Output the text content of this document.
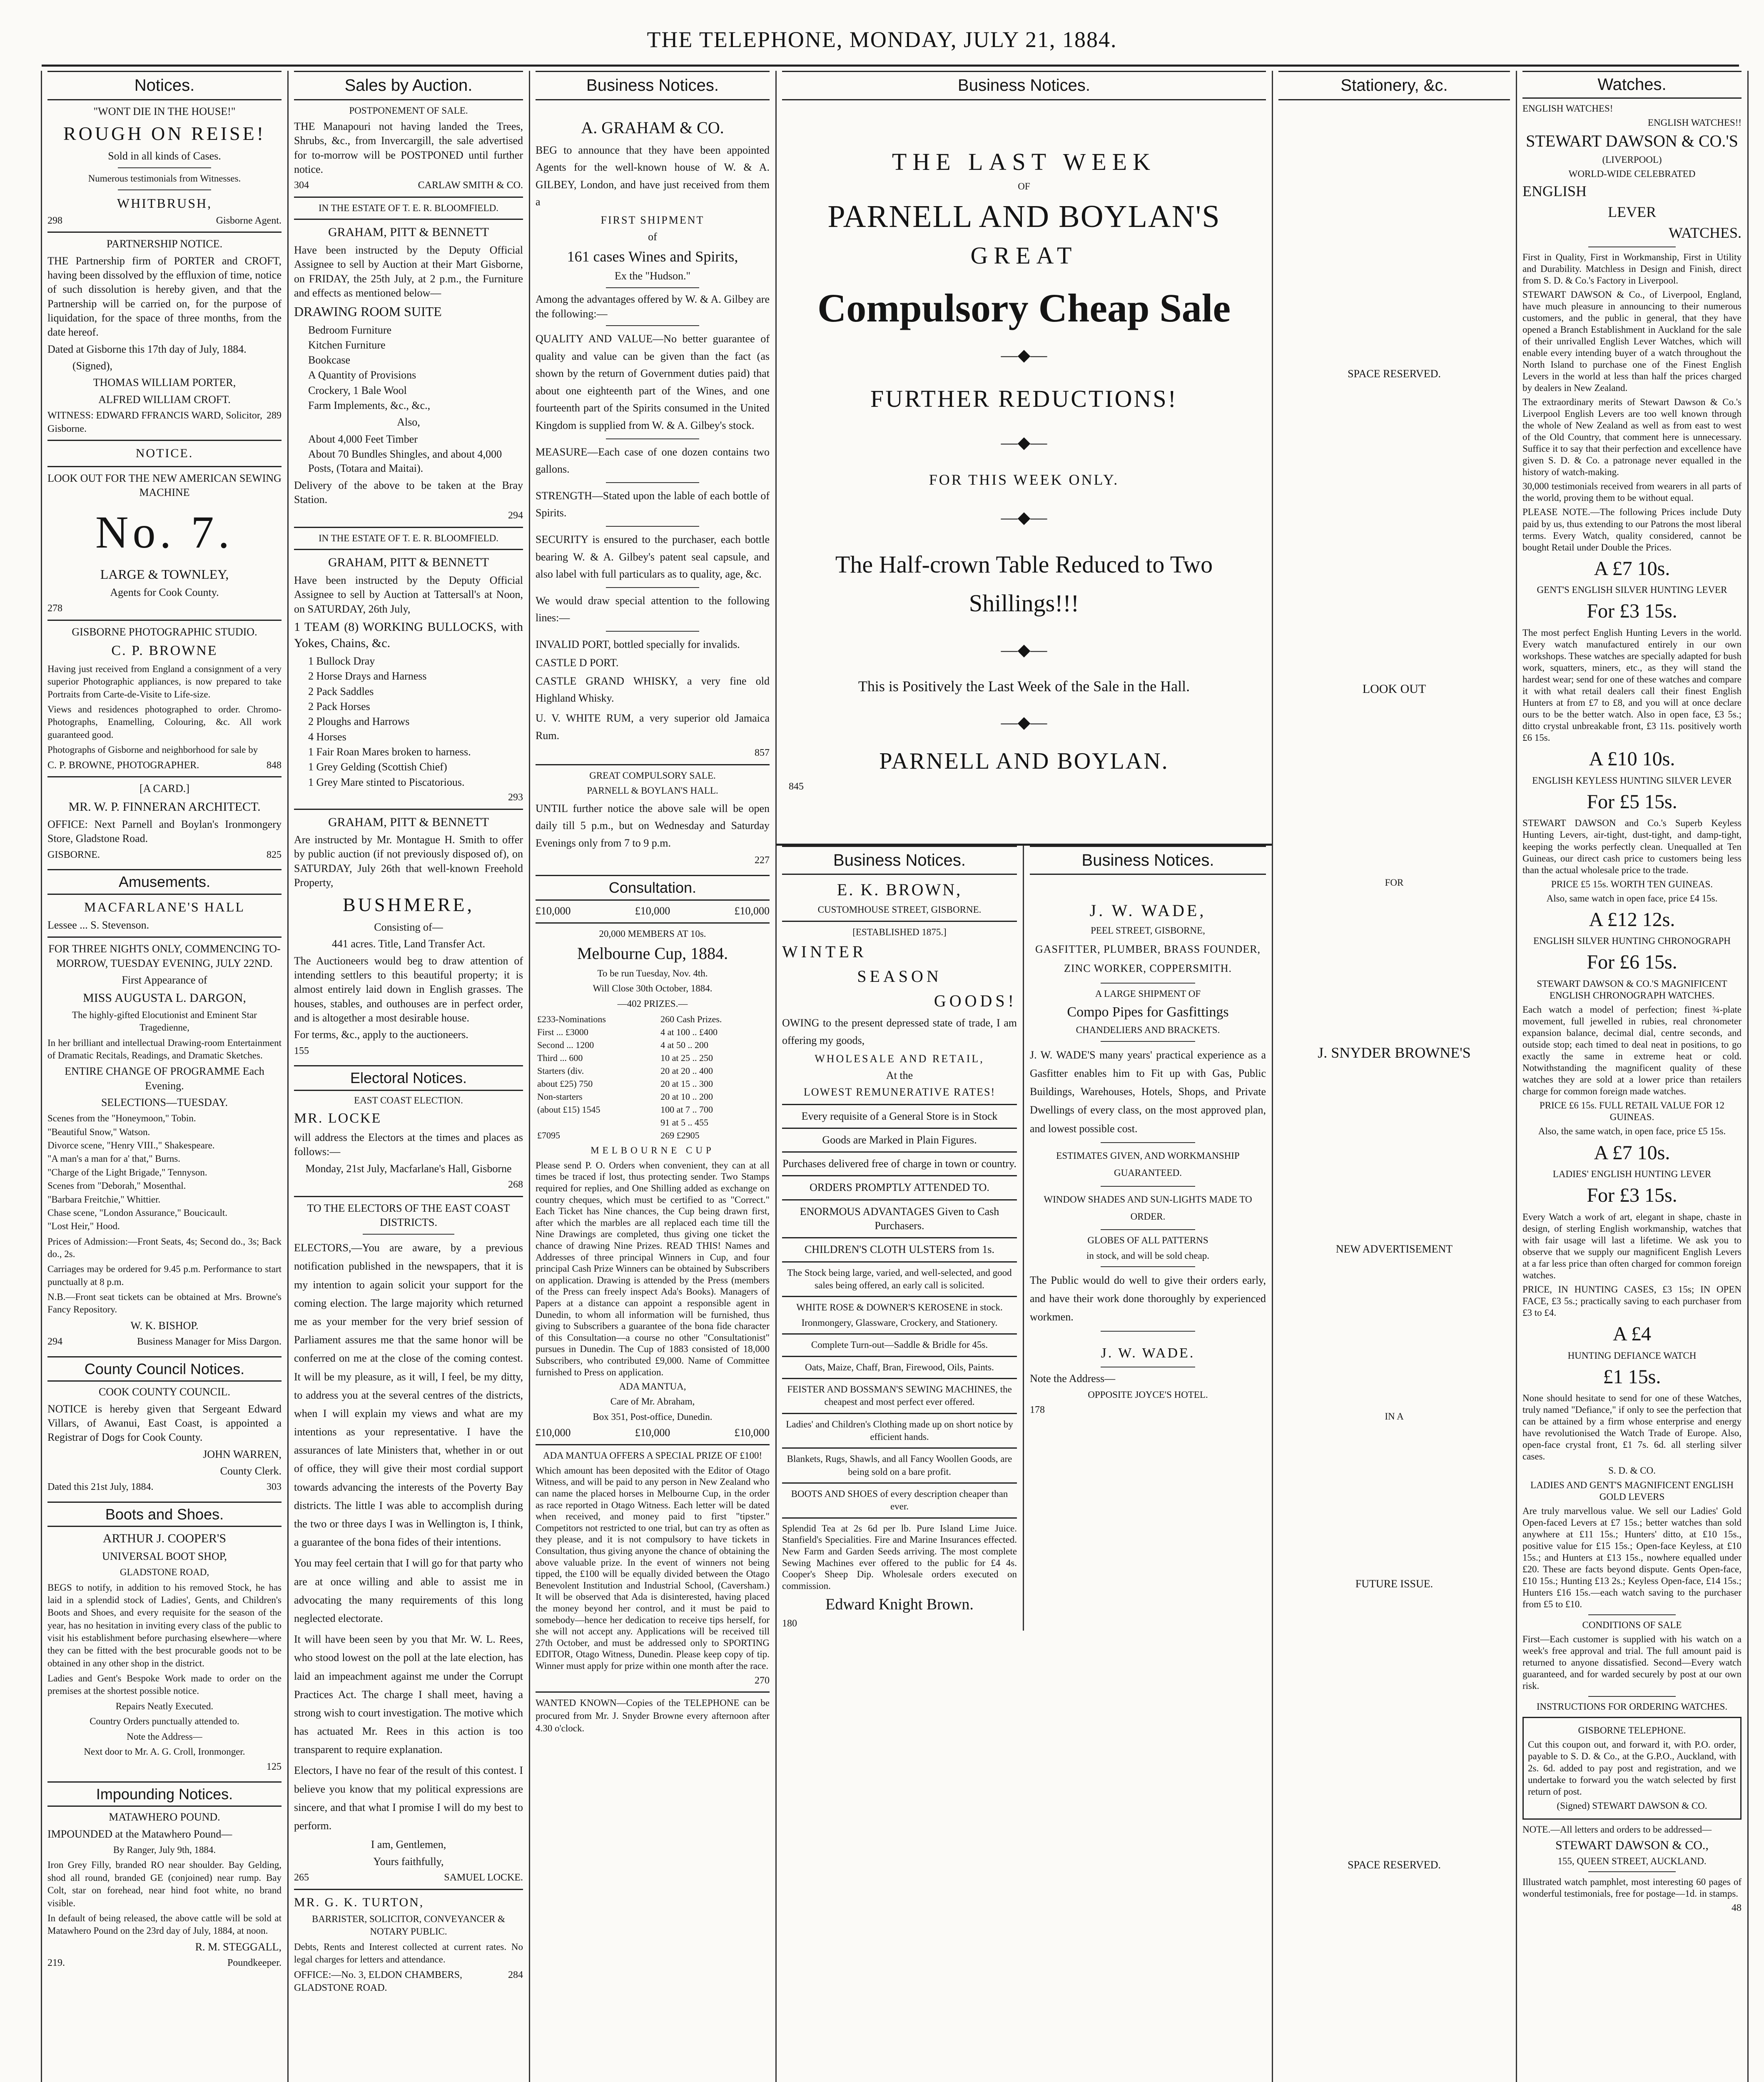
THE TELEPHONE, MONDAY, JULY 21, 1884.
Notices.

"WONT DIE IN THE HOUSE!"

ROUGH ON REISE!

Sold in all kinds of Cases.

Numerous testimonials from Witnesses.

WHITBRUSH,

298	Gisborne Agent.

PARTNERSHIP NOTICE.

THE Partnership firm of PORTER and CROFT, having been dissolved by the effluxion of time, notice of such dissolution is hereby given, and that the Partnership will be carried on, for the purpose of liquidation, for the space of three months, from the date hereof.

Dated at Gisborne this 17th day of July, 1884.

(Signed),

THOMAS WILLIAM PORTER,

ALFRED WILLIAM CROFT.

WITNESS: EDWARD FFRANCIS WARD, Solicitor, Gisborne.
289

NOTICE.

LOOK OUT FOR THE NEW AMERICAN SEWING MACHINE

No. 7.

LARGE & TOWNLEY,

Agents for Cook County.

278

GISBORNE PHOTOGRAPHIC STUDIO.

C. P. BROWNE

Having just received from England a consignment of a very superior Photographic appliances, is now prepared to take Portraits from Carte-de-Visite to Life-size.

Views and residences photographed to order. Chromo-Photographs, Enamelling, Colouring, &c. All work guaranteed good.

Photographs of Gisborne and neighborhood for sale by

C. P. BROWNE, PHOTOGRAPHER.	848

[A CARD.]

MR. W. P. FINNERAN ARCHITECT.

OFFICE: Next Parnell and Boylan's Ironmongery Store, Gladstone Road.

GISBORNE.	825
Amusements.

MACFARLANE'S HALL

Lessee ... S. Stevenson.

FOR THREE NIGHTS ONLY, COMMENCING TO-MORROW, TUESDAY EVENING, JULY 22ND.

First Appearance of

MISS AUGUSTA L. DARGON,

The highly-gifted Elocutionist and Eminent Star Tragedienne,

In her brilliant and intellectual Drawing-room Entertainment of Dramatic Recitals, Readings, and Dramatic Sketches.

ENTIRE CHANGE OF PROGRAMME Each Evening.

SELECTIONS—TUESDAY.

Scenes from the "Honeymoon," Tobin.
"Beautiful Snow," Watson.
Divorce scene, "Henry VIII.," Shakespeare.
"A man's a man for a' that," Burns.
"Charge of the Light Brigade," Tennyson.
Scenes from "Deborah," Mosenthal.
"Barbara Freitchie," Whittier.
Chase scene, "London Assurance," Boucicault.
"Lost Heir," Hood.

Prices of Admission:—Front Seats, 4s; Second do., 3s; Back do., 2s.

Carriages may be ordered for 9.45 p.m. Performance to start punctually at 8 p.m.

N.B.—Front seat tickets can be obtained at Mrs. Browne's Fancy Repository.

W. K. BISHOP.

294	Business Manager for Miss Dargon.
County Council Notices.

COOK COUNTY COUNCIL.

NOTICE is hereby given that Sergeant Edward Villars, of Awanui, East Coast, is appointed a Registrar of Dogs for Cook County.

JOHN WARREN,

County Clerk.

Dated this 21st July, 1884.	303
Boots and Shoes.

ARTHUR J. COOPER'S

UNIVERSAL BOOT SHOP,

GLADSTONE ROAD,

BEGS to notify, in addition to his removed Stock, he has laid in a splendid stock of Ladies', Gents, and Children's Boots and Shoes, and every requisite for the season of the year, has no hesitation in inviting every class of the public to visit his establishment before purchasing elsewhere—where they can be fitted with the best procurable goods not to be obtained in any other shop in the district.

Ladies and Gent's Bespoke Work made to order on the premises at the shortest possible notice.

Repairs Neatly Executed.

Country Orders punctually attended to.

Note the Address—

Next door to Mr. A. G. Croll, Ironmonger.

125
Impounding Notices.

MATAWHERO POUND.

IMPOUNDED at the Matawhero Pound—

By Ranger, July 9th, 1884.

Iron Grey Filly, branded RO near shoulder. Bay Gelding, shod all round, branded GE (conjoined) near rump. Bay Colt, star on forehead, near hind foot white, no brand visible.

In default of being released, the above cattle will be sold at Matawhero Pound on the 23rd day of July, 1884, at noon.

R. M. STEGGALL,

219.	Poundkeeper.
Sales by Auction.

POSTPONEMENT OF SALE.

THE Manapouri not having landed the Trees, Shrubs, &c., from Invercargill, the sale advertised for to-morrow will be POSTPONED until further notice.

304	CARLAW SMITH & CO.

IN THE ESTATE OF T. E. R. BLOOMFIELD.

GRAHAM, PITT & BENNETT

Have been instructed by the Deputy Official Assignee to sell by Auction at their Mart Gisborne, on FRIDAY, the 25th July, at 2 p.m., the Furniture and effects as mentioned below—

DRAWING ROOM SUITE

Bedroom Furniture
Kitchen Furniture
Bookcase
A Quantity of Provisions
Crockery, 1 Bale Wool
Farm Implements, &c., &c.,

Also,

About 4,000 Feet Timber
About 70 Bundles Shingles, and about 4,000 Posts, (Totara and Maitai).

Delivery of the above to be taken at the Bray Station.

294

IN THE ESTATE OF T. E. R. BLOOMFIELD.

GRAHAM, PITT & BENNETT

Have been instructed by the Deputy Official Assignee to sell by Auction at Tattersall's at Noon, on SATURDAY, 26th July,

1 TEAM (8) WORKING BULLOCKS, with Yokes, Chains, &c.

1 Bullock Dray
2 Horse Drays and Harness
2 Pack Saddles
2 Pack Horses
2 Ploughs and Harrows
4 Horses
1 Fair Roan Mares broken to harness.
1 Grey Gelding (Scottish Chief)
1 Grey Mare stinted to Piscatorious.
293

GRAHAM, PITT & BENNETT

Are instructed by Mr. Montague H. Smith to offer by public auction (if not previously disposed of), on SATURDAY, July 26th that well-known Freehold Property,

BUSHMERE,

Consisting of—

441 acres. Title, Land Transfer Act.

The Auctioneers would beg to draw attention of intending settlers to this beautiful property; it is almost entirely laid down in English grasses. The houses, stables, and outhouses are in perfect order, and is altogether a most desirable house.

For terms, &c., apply to the auctioneers.

155
Electoral Notices.

EAST COAST ELECTION.

MR. LOCKE

will address the Electors at the times and places as follows:—

Monday, 21st July, Macfarlane's Hall, Gisborne

268

TO THE ELECTORS OF THE EAST COAST DISTRICTS.

ELECTORS,—You are aware, by a previous notification published in the newspapers, that it is my intention to again solicit your support for the coming election. The large majority which returned me as your member for the very brief session of Parliament assures me that the same honor will be conferred on me at the close of the coming contest. It will be my pleasure, as it will, I feel, be my ditty, to address you at the several centres of the districts, when I will explain my views and what are my intentions as your representative. I have the assurances of late Ministers that, whether in or out of office, they will give their most cordial support towards advancing the interests of the Poverty Bay districts. The little I was able to accomplish during the two or three days I was in Wellington is, I think, a guarantee of the bona fides of their intentions.

You may feel certain that I will go for that party who are at once willing and able to assist me in advocating the many requirements of this long neglected electorate.

It will have been seen by you that Mr. W. L. Rees, who stood lowest on the poll at the late election, has laid an impeachment against me under the Corrupt Practices Act. The charge I shall meet, having a strong wish to court investigation. The motive which has actuated Mr. Rees in this action is too transparent to require explanation.

Electors, I have no fear of the result of this contest. I believe you know that my political expressions are sincere, and that what I promise I will do my best to perform.

I am, Gentlemen,

Yours faithfully,

265	SAMUEL LOCKE.

MR. G. K. TURTON,

BARRISTER, SOLICITOR, CONVEYANCER & NOTARY PUBLIC.

Debts, Rents and Interest collected at current rates. No legal charges for letters and attendance.

OFFICE:—No. 3, ELDON CHAMBERS, GLADSTONE ROAD.
284
Business Notices.

A. GRAHAM & CO.

BEG to announce that they have been appointed Agents for the well-known house of W. & A. GILBEY, London, and have just received from them a

FIRST SHIPMENT

of

161 cases Wines and Spirits,

Ex the "Hudson."

Among the advantages offered by W. & A. Gilbey are the following:—

QUALITY AND VALUE—No better guarantee of quality and value can be given than the fact (as shown by the return of Government duties paid) that about one eighteenth part of the Wines, and one fourteenth part of the Spirits consumed in the United Kingdom is supplied from W. & A. Gilbey's stock.

MEASURE—Each case of one dozen contains two gallons.

STRENGTH—Stated upon the lable of each bottle of Spirits.

SECURITY is ensured to the purchaser, each bottle bearing W. & A. Gilbey's patent seal capsule, and also label with full particulars as to quality, age, &c.

We would draw special attention to the following lines:—

INVALID PORT, bottled specially for invalids.

CASTLE D PORT.

CASTLE GRAND WHISKY, a very fine old Highland Whisky.

U. V. WHITE RUM, a very superior old Jamaica Rum.

857

GREAT COMPULSORY SALE.

PARNELL & BOYLAN'S HALL.

UNTIL further notice the above sale will be open daily till 5 p.m., but on Wednesday and Saturday Evenings only from 7 to 9 p.m.

227
Consultation.
£10,000	£10,000	£10,000

20,000 MEMBERS AT 10s.

Melbourne Cup, 1884.

To be run Tuesday, Nov. 4th.

Will Close 30th October, 1884.

—402 PRIZES.—

£233-Nominations	260 Cash Prizes.
First ... £3000	4 at 100 .. £400
Second ... 1200	4 at 50 .. 200
Third ... 600	10 at 25 .. 250
Starters (div.	20 at 20 .. 400
about £25) 750	20 at 15 .. 300
Non-starters	20 at 10 .. 200
(about £15) 1545	100 at 7 .. 700
	91 at 5 .. 455
£7095	269 £2905

MELBOURNE CUP

Please send P. O. Orders when convenient, they can at all times be traced if lost, thus protecting sender. Two Stamps required for replies, and One Shilling added as exchange on country cheques, which must be certified to as "Correct." Each Ticket has Nine chances, the Cup being drawn first, after which the marbles are all replaced each time till the Nine Drawings are completed, thus giving one ticket the chance of drawing Nine Prizes. READ THIS! Names and Addresses of three principal Winners in Cup, and four principal Cash Prize Winners can be obtained by Subscribers on application. Drawing is attended by the Press (members of the Press can freely inspect Ada's Books). Managers of Papers at a distance can appoint a responsible agent in Dunedin, to whom all information will be furnished, thus giving to Subscribers a guarantee of the bona fide character of this Consultation—a course no other "Consultationist" pursues in Dunedin. The Cup of 1883 consisted of 18,000 Subscribers, who contributed £9,000. Name of Committee furnished to Press on application.

ADA MANTUA,

Care of Mr. Abraham,

Box 351, Post-office, Dunedin.

£10,000	£10,000	£10,000

ADA MANTUA OFFERS A SPECIAL PRIZE OF £100!

Which amount has been deposited with the Editor of Otago Witness, and will be paid to any person in New Zealand who can name the placed horses in Melbourne Cup, in the order as race reported in Otago Witness. Each letter will be dated when received, and money paid to first "tipster." Competitors not restricted to one trial, but can try as often as they please, and it is not compulsory to have tickets in Consultation, thus giving anyone the chance of obtaining the above valuable prize. In the event of winners not being tipped, the £100 will be equally divided between the Otago Benevolent Institution and Industrial School, (Caversham.) It will be observed that Ada is disinterested, having placed the money beyond her control, and it must be paid to somebody—hence her dedication to receive tips herself, for she will not accept any. Applications will be received till 27th October, and must be addressed only to SPORTING EDITOR, Otago Witness, Dunedin. Please keep copy of tip. Winner must apply for prize within one month after the race.

270

WANTED KNOWN—Copies of the TELEPHONE can be procured from Mr. J. Snyder Browne every afternoon after 4.30 o'clock.

Business Notices.

THE LAST WEEK

OF

PARNELL AND BOYLAN'S

GREAT

Compulsory Cheap Sale

—◆—

FURTHER REDUCTIONS!

—◆—

FOR THIS WEEK ONLY.

—◆—

The Half-crown Table Reduced to Two Shillings!!!

—◆—

This is Positively the Last Week of the Sale in the Hall.

—◆—

PARNELL AND BOYLAN.

845
Business Notices.

E. K. BROWN,

CUSTOMHOUSE STREET, GISBORNE.

[ESTABLISHED 1875.]

WINTER

SEASON

GOODS!

OWING to the present depressed state of trade, I am offering my goods,

WHOLESALE AND RETAIL,

At the

LOWEST REMUNERATIVE RATES!

Every requisite of a General Store is in Stock

Goods are Marked in Plain Figures.

Purchases delivered free of charge in town or country.

ORDERS PROMPTLY ATTENDED TO.

ENORMOUS ADVANTAGES Given to Cash Purchasers.

CHILDREN'S CLOTH ULSTERS from 1s.

The Stock being large, varied, and well-selected, and good sales being offered, an early call is solicited.

WHITE ROSE & DOWNER'S KEROSENE in stock.

Ironmongery, Glassware, Crockery, and Stationery.

Complete Turn-out—Saddle & Bridle for 45s.

Oats, Maize, Chaff, Bran, Firewood, Oils, Paints.

FEISTER AND BOSSMAN'S SEWING MACHINES, the cheapest and most perfect ever offered.

Ladies' and Children's Clothing made up on short notice by efficient hands.

Blankets, Rugs, Shawls, and all Fancy Woollen Goods, are being sold on a bare profit.

BOOTS AND SHOES of every description cheaper than ever.

Splendid Tea at 2s 6d per lb. Pure Island Lime Juice. Stanfield's Specialities. Fire and Marine Insurances effected. New Farm and Garden Seeds arriving. The most complete Sewing Machines ever offered to the public for £4 4s. Cooper's Sheep Dip. Wholesale orders executed on commission.

Edward Knight Brown.

180
Business Notices.

J. W. WADE,

PEEL STREET, GISBORNE,

GASFITTER, PLUMBER, BRASS FOUNDER, ZINC WORKER, COPPERSMITH.

A LARGE SHIPMENT OF

Compo Pipes for Gasfittings

CHANDELIERS AND BRACKETS.

J. W. WADE'S many years' practical experience as a Gasfitter enables him to Fit up with Gas, Public Buildings, Warehouses, Hotels, Shops, and Private Dwellings of every class, on the most approved plan, and lowest possible cost.

ESTIMATES GIVEN, AND WORKMANSHIP GUARANTEED.

WINDOW SHADES AND SUN-LIGHTS MADE TO ORDER.

GLOBES OF ALL PATTERNS

in stock, and will be sold cheap.

The Public would do well to give their orders early, and have their work done thoroughly by experienced workmen.

J. W. WADE.

Note the Address—

OPPOSITE JOYCE'S HOTEL.

178
Stationery, &c.

SPACE RESERVED.

LOOK OUT

FOR

J. SNYDER BROWNE'S

NEW ADVERTISEMENT

IN A

FUTURE ISSUE.

SPACE RESERVED.

Watches.

ENGLISH WATCHES!

ENGLISH WATCHES!!

STEWART DAWSON & CO.'S

(LIVERPOOL)

WORLD-WIDE CELEBRATED

ENGLISH

LEVER

WATCHES.

First in Quality, First in Workmanship, First in Utility and Durability. Matchless in Design and Finish, direct from S. D. & Co.'s Factory in Liverpool.

STEWART DAWSON & Co., of Liverpool, England, have much pleasure in announcing to their numerous customers, and the public in general, that they have opened a Branch Establishment in Auckland for the sale of their unrivalled English Lever Watches, which will enable every intending buyer of a watch throughout the North Island to purchase one of the Finest English Levers in the world at less than half the prices charged by dealers in New Zealand.

The extraordinary merits of Stewart Dawson & Co.'s Liverpool English Levers are too well known through the whole of New Zealand as well as from east to west of the Old Country, that comment here is unnecessary. Suffice it to say that their perfection and excellence have given S. D. & Co. a patronage never equalled in the history of watch-making.

30,000 testimonials received from wearers in all parts of the world, proving them to be without equal.

PLEASE NOTE.—The following Prices include Duty paid by us, thus extending to our Patrons the most liberal terms. Every Watch, quality considered, cannot be bought Retail under Double the Prices.

A £7 10s.

GENT'S ENGLISH SILVER HUNTING LEVER

For £3 15s.

The most perfect English Hunting Levers in the world. Every watch manufactured entirely in our own workshops. These watches are specially adapted for bush work, squatters, miners, etc., as they will stand the hardest wear; send for one of these watches and compare it with what retail dealers call their finest English Hunters at from £7 to £8, and you will at once declare ours to be the better watch. Also in open face, £3 5s.; ditto crystal unbreakable front, £3 11s. positively worth £6 15s.

A £10 10s.

ENGLISH KEYLESS HUNTING SILVER LEVER

For £5 15s.

STEWART DAWSON and Co.'s Superb Keyless Hunting Levers, air-tight, dust-tight, and damp-tight, keeping the works perfectly clean. Unequalled at Ten Guineas, our direct cash price to customers being less than the actual wholesale price to the trade.

PRICE £5 15s. WORTH TEN GUINEAS.

Also, same watch in open face, price £4 15s.

A £12 12s.

ENGLISH SILVER HUNTING CHRONOGRAPH

For £6 15s.

STEWART DAWSON & CO.'S MAGNIFICENT ENGLISH CHRONOGRAPH WATCHES.

Each watch a model of perfection; finest ¾-plate movement, full jewelled in rubies, real chronometer expansion balance, decimal dial, centre seconds, and outside stop; each timed to deal neat in positions, to go exactly the same in extreme heat or cold. Notwithstanding the magnificent quality of these watches they are sold at a lower price than retailers charge for common foreign made watches.

PRICE £6 15s. FULL RETAIL VALUE FOR 12 GUINEAS.

Also, the same watch, in open face, price £5 15s.

A £7 10s.

LADIES' ENGLISH HUNTING LEVER

For £3 15s.

Every Watch a work of art, elegant in shape, chaste in design, of sterling English workmanship, watches that with fair usage will last a lifetime. We ask you to observe that we supply our magnificent English Levers at a far less price than often charged for common foreign watches.

PRICE, IN HUNTING CASES, £3 15s; IN OPEN FACE, £3 5s.; practically saving to each purchaser from £3 to £4.

A £4

HUNTING DEFIANCE WATCH

£1 15s.

None should hesitate to send for one of these Watches, truly named "Defiance," if only to see the perfection that can be attained by a firm whose enterprise and energy have revolutionised the Watch Trade of Europe. Also, open-face crystal front, £1 7s. 6d. all sterling silver cases.

S. D. & CO.

LADIES AND GENT'S MAGNIFICENT ENGLISH GOLD LEVERS

Are truly marvellous value. We sell our Ladies' Gold Open-faced Levers at £7 15s.; better watches than sold anywhere at £11 15s.; Hunters' ditto, at £10 15s., positive value for £15 15s.; Open-face Keyless, at £10 15s.; and Hunters at £13 15s., nowhere equalled under £20. These are facts beyond dispute. Gents Open-face, £10 15s.; Hunting £13 2s.; Keyless Open-face, £14 15s.; Hunters £16 15s.—each watch saving to the purchaser from £5 to £10.

CONDITIONS OF SALE

First—Each customer is supplied with his watch on a week's free approval and trial. The full amount paid is returned to anyone dissatisfied. Second—Every watch guaranteed, and for warded securely by post at our own risk.

INSTRUCTIONS FOR ORDERING WATCHES.

GISBORNE TELEPHONE.

Cut this coupon out, and forward it, with P.O. order, payable to S. D. & Co., at the G.P.O., Auckland, with 2s. 6d. added to pay post and registration, and we undertake to forward you the watch selected by first return of post.

(Signed) STEWART DAWSON & CO.

NOTE.—All letters and orders to be addressed—

STEWART DAWSON & CO.,

155, QUEEN STREET, AUCKLAND.

Illustrated watch pamphlet, most interesting 60 pages of wonderful testimonials, free for postage—1d. in stamps.

48
